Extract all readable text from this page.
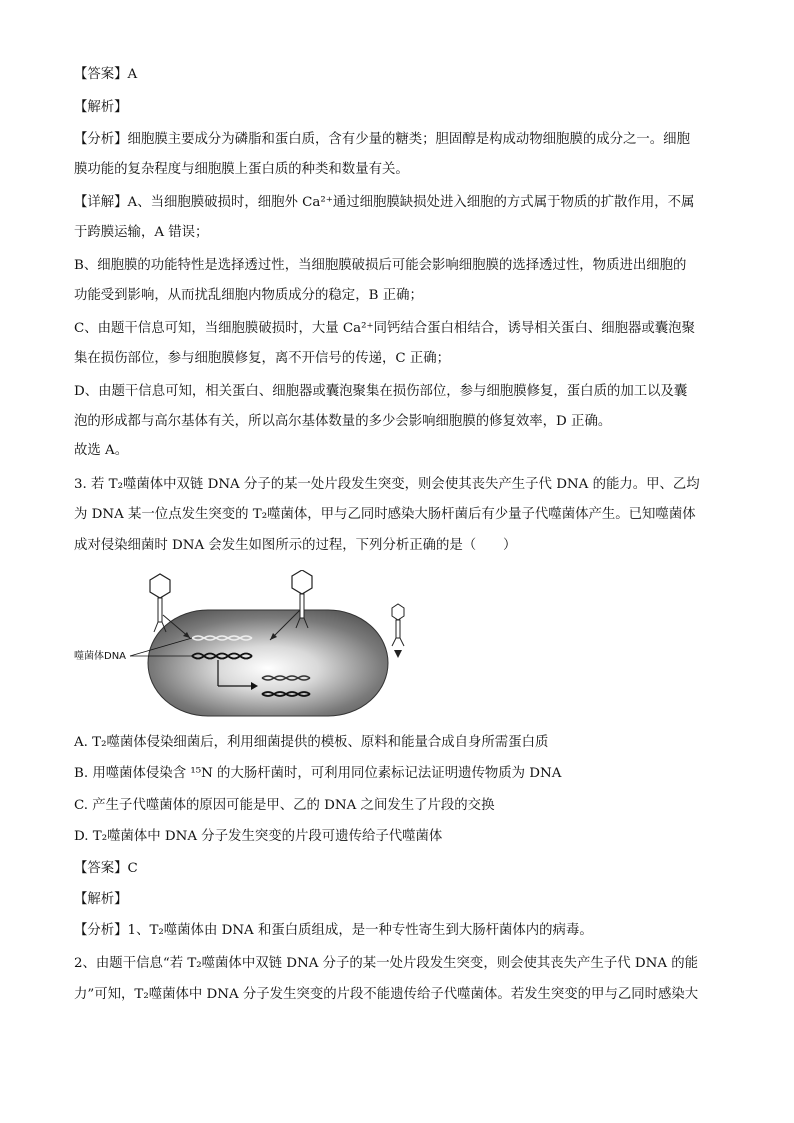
【答案】A
【解析】
【分析】细胞膜主要成分为磷脂和蛋白质，含有少量的糖类；胆固醇是构成动物细胞膜的成分之一。细胞
膜功能的复杂程度与细胞膜上蛋白质的种类和数量有关。
【详解】A、当细胞膜破损时，细胞外 Ca²⁺通过细胞膜缺损处进入细胞的方式属于物质的扩散作用，不属
于跨膜运输，A 错误；
B、细胞膜的功能特性是选择透过性，当细胞膜破损后可能会影响细胞膜的选择透过性，物质进出细胞的
功能受到影响，从而扰乱细胞内物质成分的稳定，B 正确；
C、由题干信息可知，当细胞膜破损时，大量 Ca²⁺同钙结合蛋白相结合，诱导相关蛋白、细胞器或囊泡聚
集在损伤部位，参与细胞膜修复，离不开信号的传递，C 正确；
D、由题干信息可知，相关蛋白、细胞器或囊泡聚集在损伤部位，参与细胞膜修复，蛋白质的加工以及囊
泡的形成都与高尔基体有关，所以高尔基体数量的多少会影响细胞膜的修复效率，D 正确。
故选 A。
3. 若 T₂噬菌体中双链 DNA 分子的某一处片段发生突变，则会使其丧失产生子代 DNA 的能力。甲、乙均
为 DNA 某一位点发生突变的 T₂噬菌体，甲与乙同时感染大肠杆菌后有少量子代噬菌体产生。已知噬菌体
成对侵染细菌时 DNA 会发生如图所示的过程，下列分析正确的是（　　）
噬菌体DNA
A. T₂噬菌体侵染细菌后，利用细菌提供的模板、原料和能量合成自身所需蛋白质
B. 用噬菌体侵染含 ¹⁵N 的大肠杆菌时，可利用同位素标记法证明遗传物质为 DNA
C. 产生子代噬菌体的原因可能是甲、乙的 DNA 之间发生了片段的交换
D. T₂噬菌体中 DNA 分子发生突变的片段可遗传给子代噬菌体
【答案】C
【解析】
【分析】1、T₂噬菌体由 DNA 和蛋白质组成，是一种专性寄生到大肠杆菌体内的病毒。
2、由题干信息“若 T₂噬菌体中双链 DNA 分子的某一处片段发生突变，则会使其丧失产生子代 DNA 的能
力”可知，T₂噬菌体中 DNA 分子发生突变的片段不能遗传给子代噬菌体。若发生突变的甲与乙同时感染大
